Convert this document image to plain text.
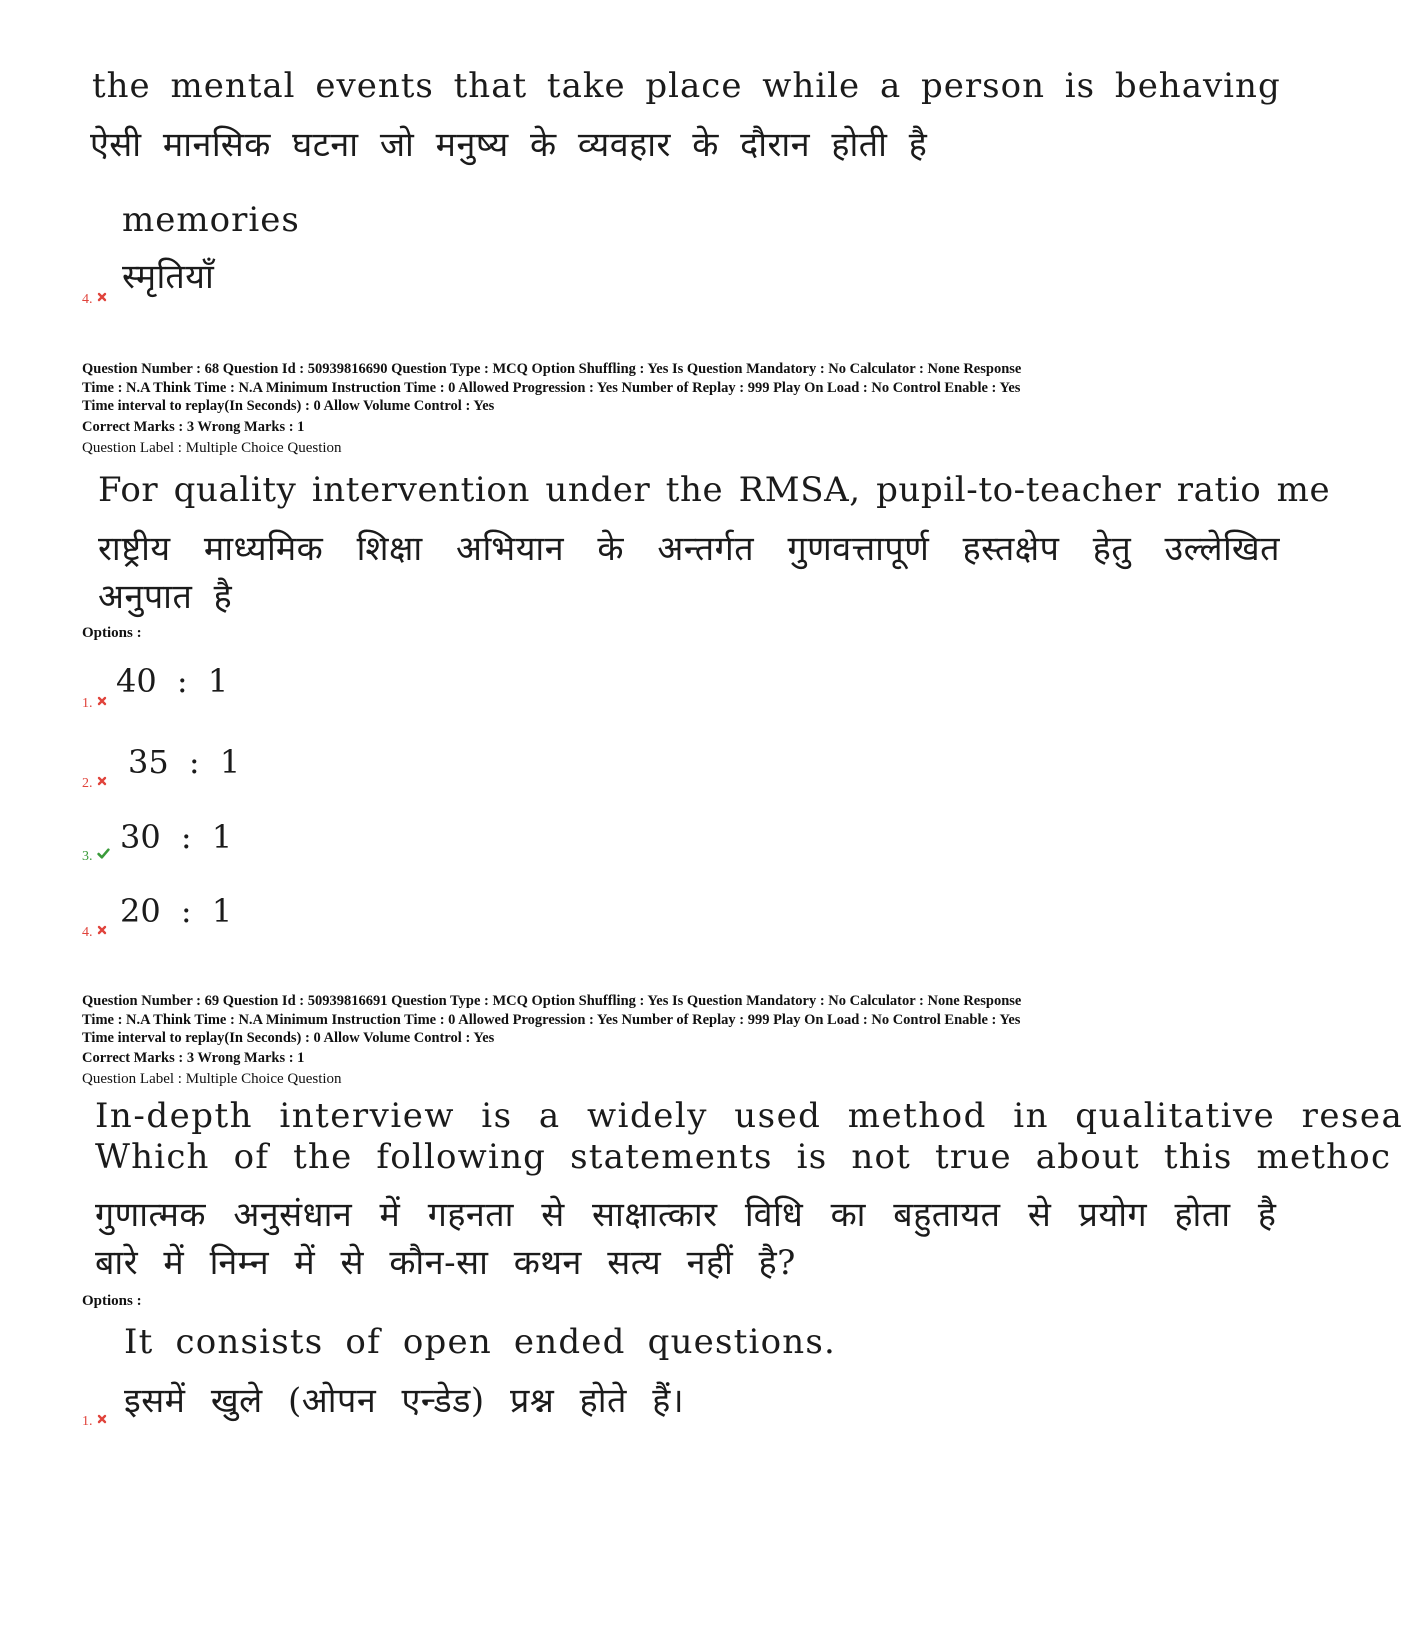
the mental events that take place while a person is behaving
ऐसी मानसिक घटना जो मनुष्य के व्यवहार के दौरान होती है
memories
स्मृतियाँ
4.
Question Number : 68 Question Id : 50939816690 Question Type : MCQ Option Shuffling : Yes Is Question Mandatory : No Calculator : None Response
Time : N.A Think Time : N.A Minimum Instruction Time : 0 Allowed Progression : Yes Number of Replay : 999 Play On Load : No Control Enable : Yes
Time interval to replay(In Seconds) : 0 Allow Volume Control : Yes
Correct Marks : 3 Wrong Marks : 1
Question Label : Multiple Choice Question
For quality intervention under the RMSA, pupil-to-teacher ratio me
राष्ट्रीय माध्यमिक शिक्षा अभियान के अन्तर्गत गुणवत्तापूर्ण हस्तक्षेप हेतु उल्लेखित
अनुपात है
Options :
40 : 1
1.
35 : 1
2.
30 : 1
3.
20 : 1
4.
Question Number : 69 Question Id : 50939816691 Question Type : MCQ Option Shuffling : Yes Is Question Mandatory : No Calculator : None Response
Time : N.A Think Time : N.A Minimum Instruction Time : 0 Allowed Progression : Yes Number of Replay : 999 Play On Load : No Control Enable : Yes
Time interval to replay(In Seconds) : 0 Allow Volume Control : Yes
Correct Marks : 3 Wrong Marks : 1
Question Label : Multiple Choice Question
In-depth interview is a widely used method in qualitative resea
Which of the following statements is not true about this methoc
गुणात्मक अनुसंधान में गहनता से साक्षात्कार विधि का बहुतायत से प्रयोग होता है
बारे में निम्न में से कौन-सा कथन सत्य नहीं है?
Options :
It consists of open ended questions.
इसमें खुले (ओपन एन्डेड) प्रश्न होते हैं।
1.
